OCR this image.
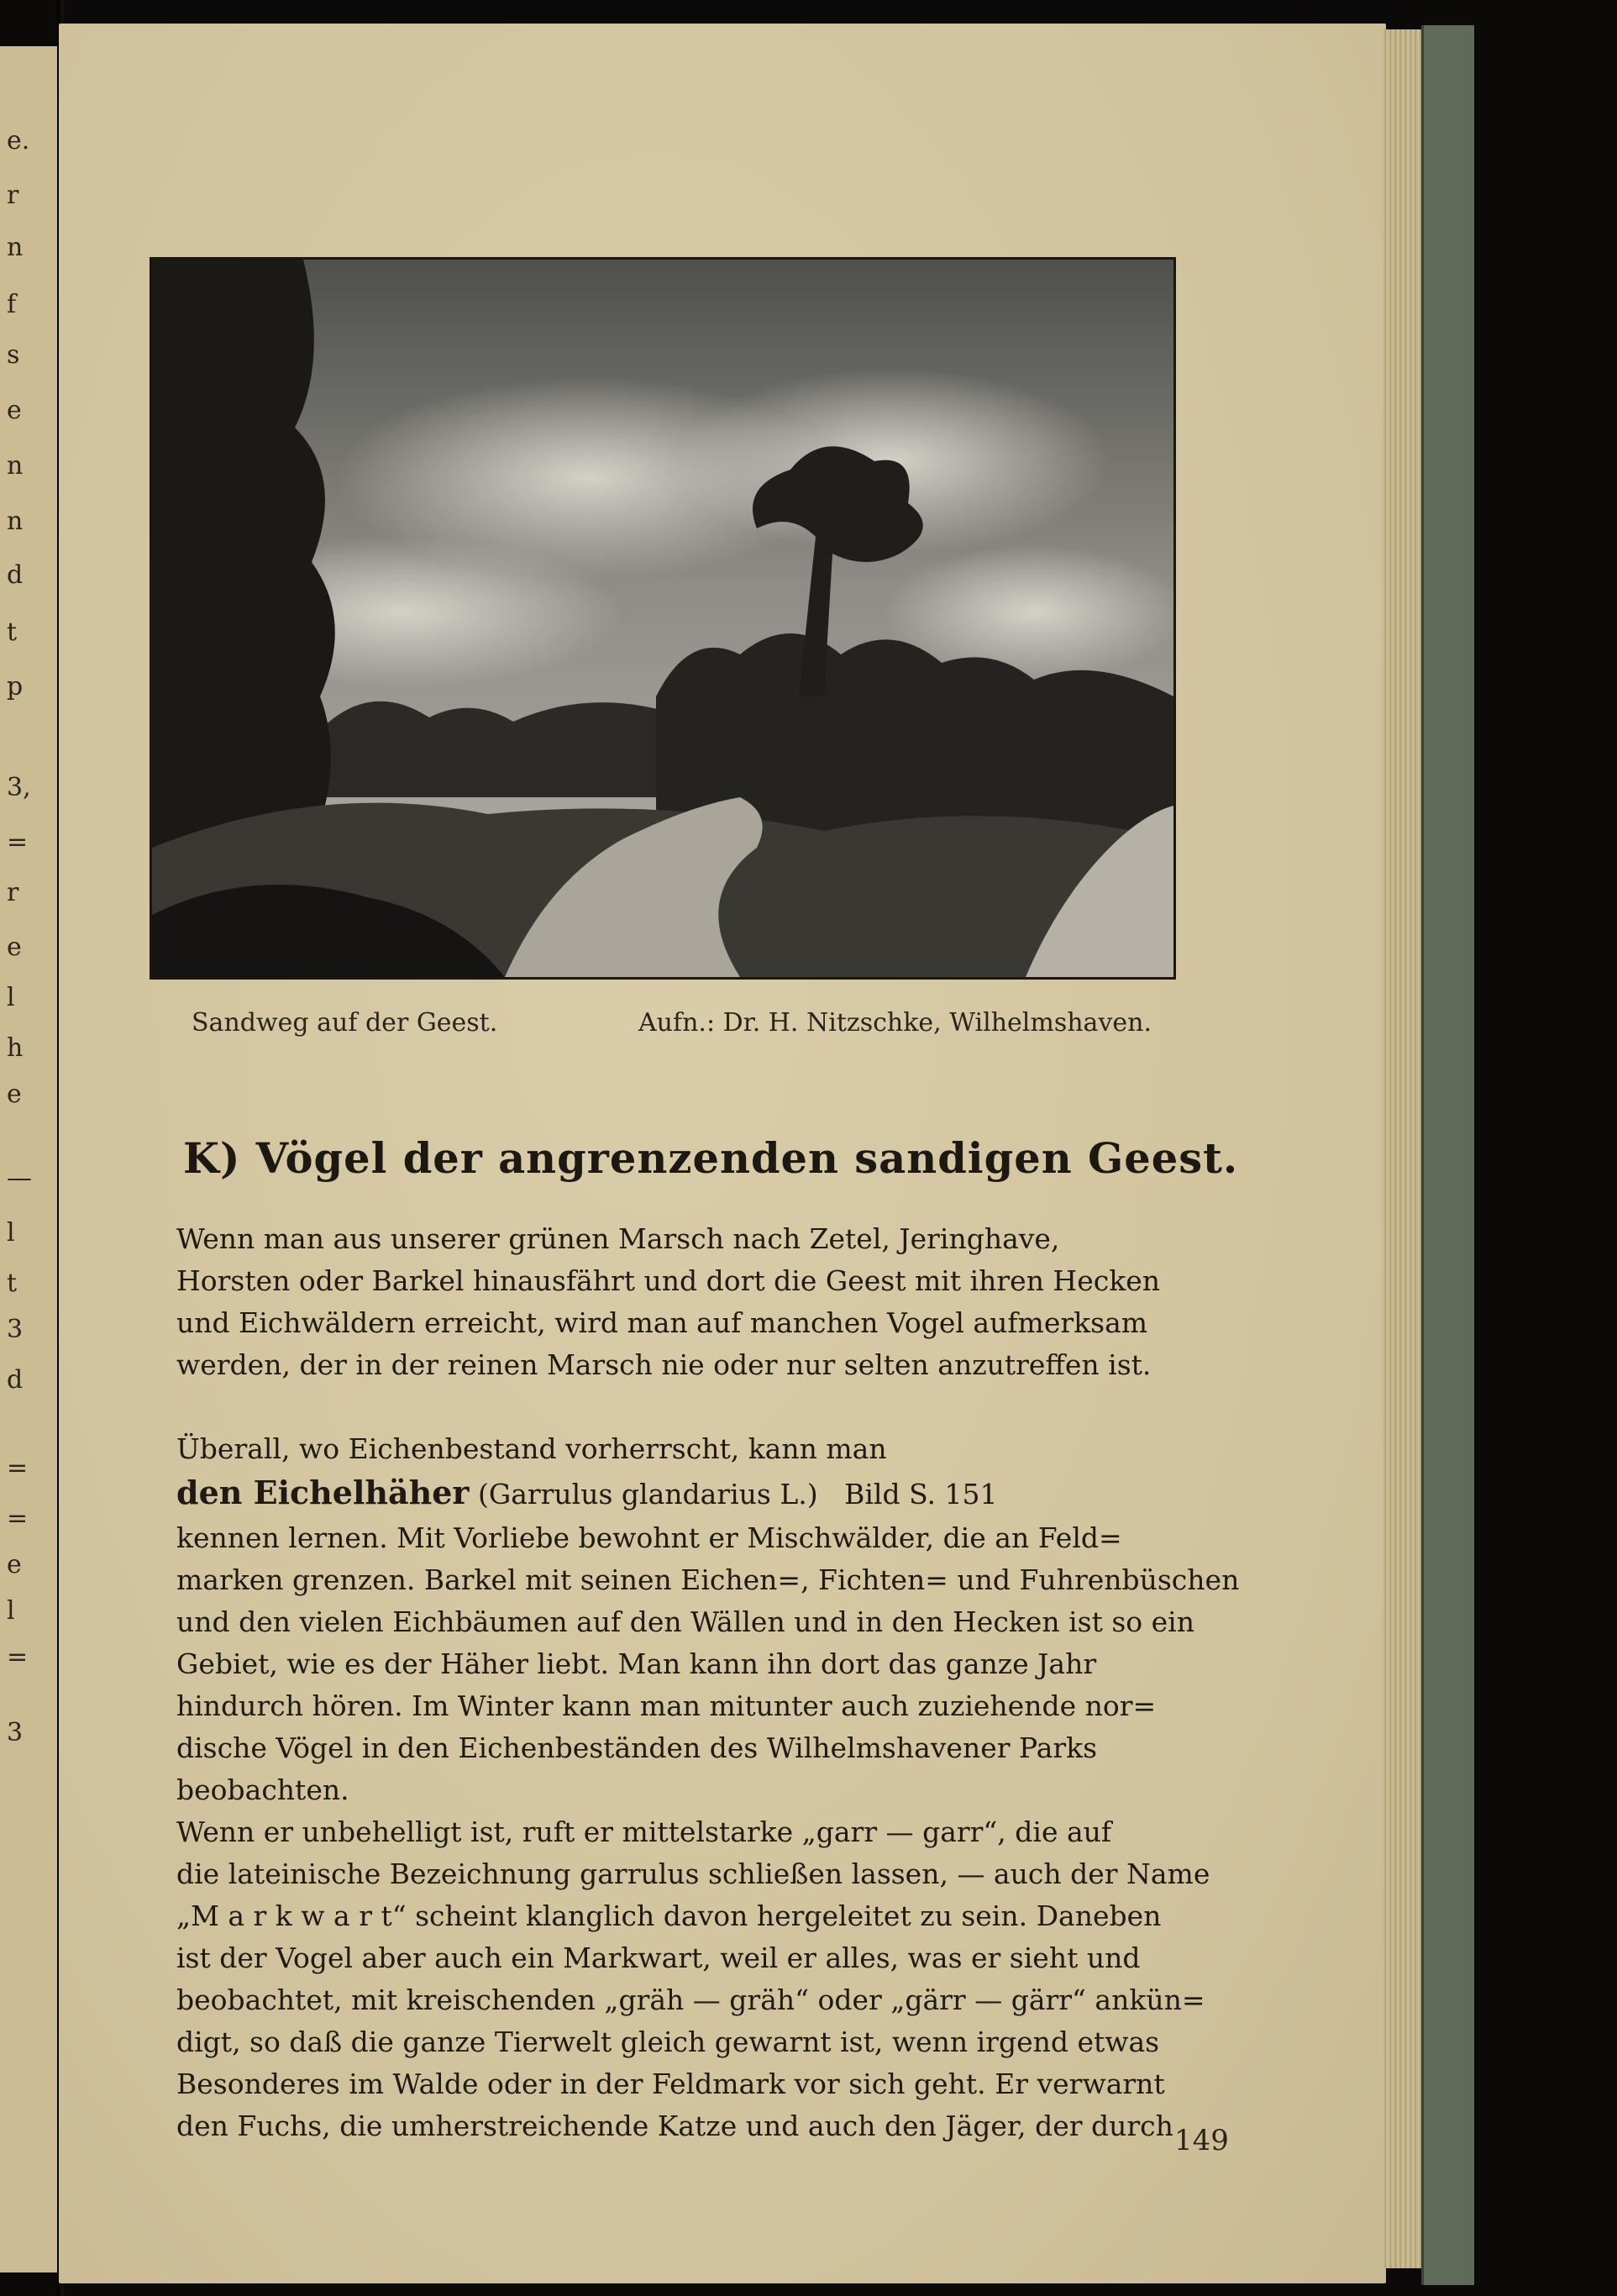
e.
r
n
f
s
e
n
n
d
t
p
3,
=
r
e
l
h
e
—
l
t
3
d
=
=
e
l
=
3
Sandweg auf der Geest.	Aufn.: Dr. H. Nitzschke, Wilhelmshaven.
K) Vögel der angrenzenden sandigen Geest.
Wenn man aus unserer grünen Marsch nach Zetel, Jeringhave,
Horsten oder Barkel hinausfährt und dort die Geest mit ihren Hecken
und Eichwäldern erreicht, wird man auf manchen Vogel aufmerksam
werden, der in der reinen Marsch nie oder nur selten anzutreffen ist.
Überall, wo Eichenbestand vorherrscht, kann man
den Eichelhäher (Garrulus glandarius L.) Bild S. 151
kennen lernen. Mit Vorliebe bewohnt er Mischwälder, die an Feld=
marken grenzen. Barkel mit seinen Eichen=, Fichten= und Fuhrenbüschen
und den vielen Eichbäumen auf den Wällen und in den Hecken ist so ein
Gebiet, wie es der Häher liebt. Man kann ihn dort das ganze Jahr
hindurch hören. Im Winter kann man mitunter auch zuziehende nor=
dische Vögel in den Eichenbeständen des Wilhelmshavener Parks
beobachten.
Wenn er unbehelligt ist, ruft er mittelstarke „garr — garr“, die auf
die lateinische Bezeichnung garrulus schließen lassen, — auch der Name
„M a r k w a r t“ scheint klanglich davon hergeleitet zu sein. Daneben
ist der Vogel aber auch ein Markwart, weil er alles, was er sieht und
beobachtet, mit kreischenden „gräh — gräh“ oder „gärr — gärr“ ankün=
digt, so daß die ganze Tierwelt gleich gewarnt ist, wenn irgend etwas
Besonderes im Walde oder in der Feldmark vor sich geht. Er verwarnt
den Fuchs, die umherstreichende Katze und auch den Jäger, der durch 149
